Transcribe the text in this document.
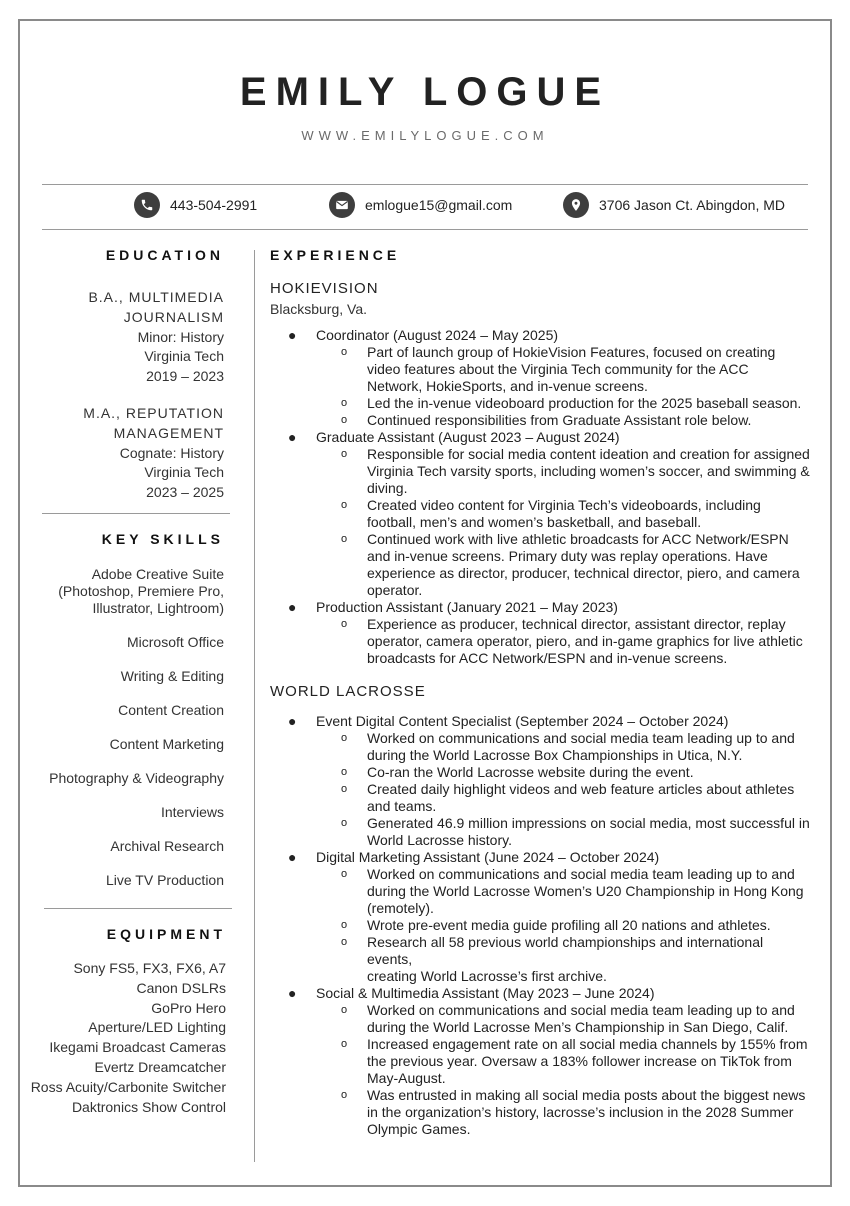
EMILY LOGUE
WWW.EMILYLOGUE.COM
443-504-2991	emlogue15@gmail.com	3706 Jason Ct. Abingdon, MD
EDUCATION
B.A., MULTIMEDIA
JOURNALISM
Minor: History
Virginia Tech
2019 – 2023
M.A., REPUTATION
MANAGEMENT
Cognate: History
Virginia Tech
2023 – 2025
KEY SKILLS
Adobe Creative Suite
(Photoshop, Premiere Pro,
Illustrator, Lightroom)
Microsoft Office
Writing & Editing
Content Creation
Content Marketing
Photography & Videography
Interviews
Archival Research
Live TV Production
EQUIPMENT
Sony FS5, FX3, FX6, A7
Canon DSLRs
GoPro Hero
Aperture/LED Lighting
Ikegami Broadcast Cameras
Evertz Dreamcatcher
Ross Acuity/Carbonite Switcher
Daktronics Show Control
EXPERIENCE
HOKIEVISION
Blacksburg, Va.
● Coordinator (August 2024 – May 2025)
o Part of launch group of HokieVision Features, focused on creating
video features about the Virginia Tech community for the ACC
Network, HokieSports, and in-venue screens.
o Led the in-venue videoboard production for the 2025 baseball season.
o Continued responsibilities from Graduate Assistant role below.
● Graduate Assistant (August 2023 – August 2024)
o Responsible for social media content ideation and creation for assigned
Virginia Tech varsity sports, including women’s soccer, and swimming &
diving.
o Created video content for Virginia Tech’s videoboards, including
football, men’s and women’s basketball, and baseball.
o Continued work with live athletic broadcasts for ACC Network/ESPN
and in-venue screens. Primary duty was replay operations. Have
experience as director, producer, technical director, piero, and camera
operator.
● Production Assistant (January 2021 – May 2023)
o Experience as producer, technical director, assistant director, replay
operator, camera operator, piero, and in-game graphics for live athletic
broadcasts for ACC Network/ESPN and in-venue screens.
WORLD LACROSSE
● Event Digital Content Specialist (September 2024 – October 2024)
o Worked on communications and social media team leading up to and
during the World Lacrosse Box Championships in Utica, N.Y.
o Co-ran the World Lacrosse website during the event.
o Created daily highlight videos and web feature articles about athletes
and teams.
o Generated 46.9 million impressions on social media, most successful in
World Lacrosse history.
● Digital Marketing Assistant (June 2024 – October 2024)
o Worked on communications and social media team leading up to and
during the World Lacrosse Women’s U20 Championship in Hong Kong
(remotely).
o Wrote pre-event media guide profiling all 20 nations and athletes.
o Research all 58 previous world championships and international events,
creating World Lacrosse’s first archive.
● Social & Multimedia Assistant (May 2023 – June 2024)
o Worked on communications and social media team leading up to and
during the World Lacrosse Men’s Championship in San Diego, Calif.
o Increased engagement rate on all social media channels by 155% from
the previous year. Oversaw a 183% follower increase on TikTok from
May-August.
o Was entrusted in making all social media posts about the biggest news
in the organization’s history, lacrosse’s inclusion in the 2028 Summer
Olympic Games.
